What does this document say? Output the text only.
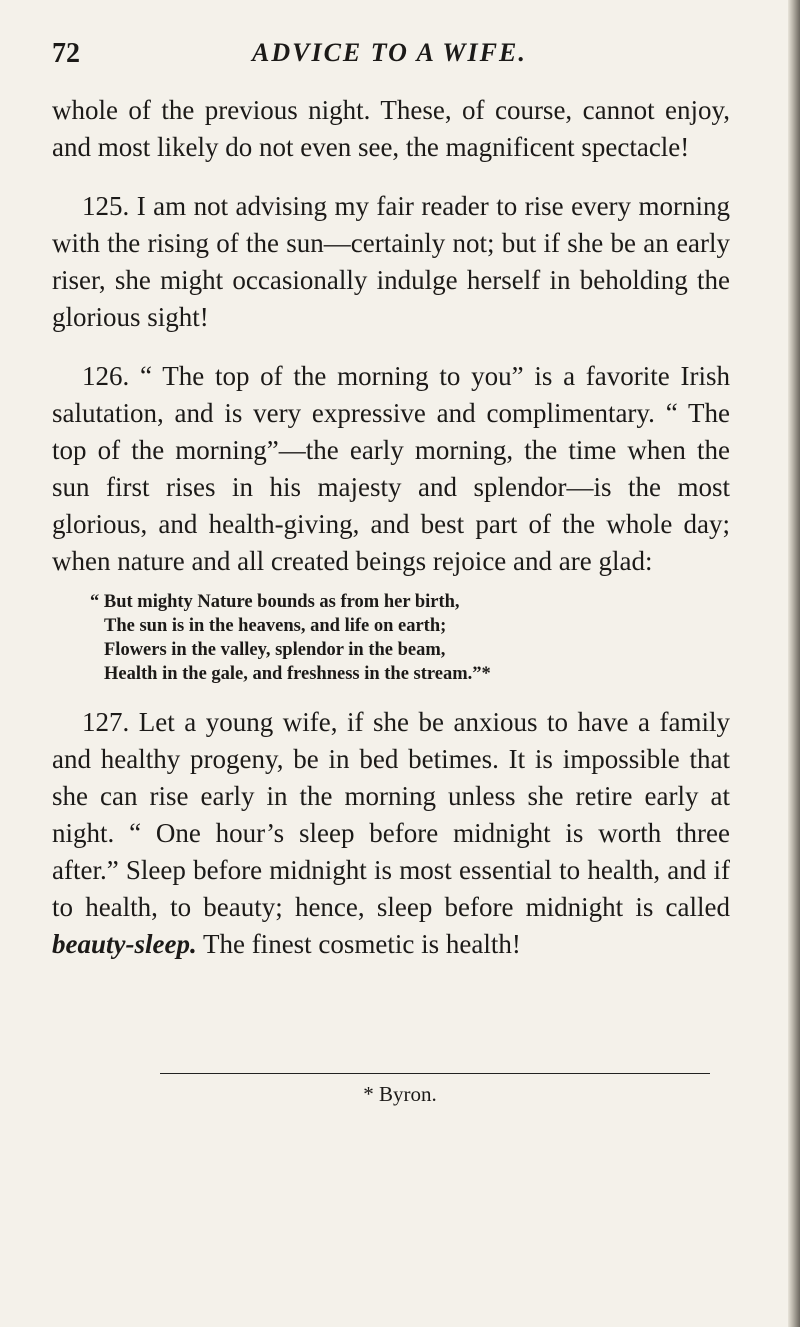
72	ADVICE TO A WIFE.

whole of the previous night. These, of course, cannot enjoy, and most likely do not even see, the magnificent spectacle!

125. I am not advising my fair reader to rise every morning with the rising of the sun—certainly not; but if she be an early riser, she might occasionally indulge herself in beholding the glorious sight!

126. “ The top of the morning to you” is a favorite Irish salutation, and is very expressive and complimentary. “ The top of the morning”—the early morning, the time when the sun first rises in his majesty and splendor—is the most glorious, and health-giving, and best part of the whole day; when nature and all created beings rejoice and are glad:

“ But mighty Nature bounds as from her birth,
The sun is in the heavens, and life on earth;
Flowers in the valley, splendor in the beam,
Health in the gale, and freshness in the stream.”*

127. Let a young wife, if she be anxious to have a family and healthy progeny, be in bed betimes. It is impossible that she can rise early in the morning unless she retire early at night. “ One hour’s sleep before midnight is worth three after.” Sleep before midnight is most essential to health, and if to health, to beauty; hence, sleep before midnight is called beauty-sleep. The finest cosmetic is health!

* Byron.
